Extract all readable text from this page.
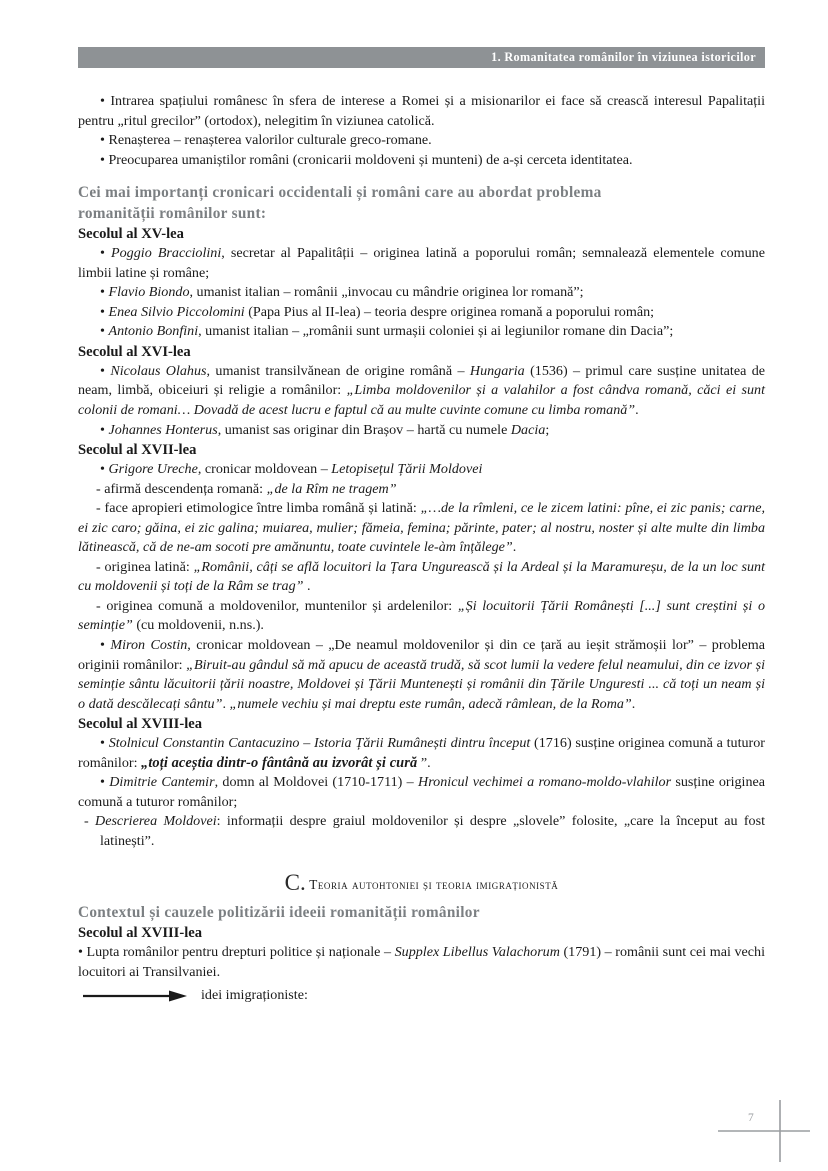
1. Romanitatea românilor în viziunea istoricilor

• Intrarea spațiului românesc în sfera de interese a Romei și a misionarilor ei face să crească interesul Papalitații pentru „ritul grecilor” (ortodox), nelegitim în viziunea catolică.

• Renașterea – renașterea valorilor culturale greco-romane.

• Preocuparea umaniștilor români (cronicarii moldoveni și munteni) de a-și cerceta identitatea.

Cei mai importanți cronicari occidentali și români care au abordat problema

romanității românilor sunt:

Secolul al XV-lea

• Poggio Bracciolini, secretar al Papalitâții – originea latină a poporului român; semnalează elementele comune limbii latine și române;

• Flavio Biondo, umanist italian – românii „invocau cu mândrie originea lor romană”;

• Enea Silvio Piccolomini (Papa Pius al II-lea) – teoria despre originea romană a poporului român;

• Antonio Bonfini, umanist italian – „românii sunt urmașii coloniei și ai legiunilor romane din Dacia”;

Secolul al XVI-lea

• Nicolaus Olahus, umanist transilvănean de origine română – Hungaria (1536) – primul care susține unitatea de neam, limbă, obiceiuri și religie a românilor: „Limba moldovenilor și a valahilor a fost cândva romană, căci ei sunt colonii de romani… Dovadă de acest lucru e faptul că au multe cuvinte comune cu limba romană”.

• Johannes Honterus, umanist sas originar din Brașov – hartă cu numele Dacia;

Secolul al XVII-lea

• Grigore Ureche, cronicar moldovean – Letopisețul Țării Moldovei

- afirmă descendența romană: „de la Rîm ne tragem”

- face apropieri etimologice între limba română și latină: „…de la rîmleni, ce le zicem latini: pîne, ei zic panis; carne, ei zic caro; găina, ei zic galina; muiarea, mulier; fămeia, femina; părinte, pater; al nostru, noster și alte multe din limba lătinească, că de ne-am socoti pre amănuntu, toate cuvintele le-àm înțălege”.

- originea latină: „Românii, câți se află locuitori la Țara Ungurească și la Ardeal și la Maramureșu, de la un loc sunt cu moldovenii și toți de la Râm se trag” .

- originea comună a moldovenilor, muntenilor și ardelenilor: „Și locuitorii Țării Românești [...] sunt creștini și o seminție” (cu moldovenii, n.ns.).

• Miron Costin, cronicar moldovean – „De neamul moldovenilor și din ce țară au ieșit strămoșii lor” – problema originii românilor: „Biruit-au gândul să mă apucu de această trudă, să scot lumii la vedere felul neamului, din ce izvor și seminție sântu lăcuitorii țării noastre, Moldovei și Țării Muntenești și românii din Țările Unguresti ... că toți un neam și o dată descălecați sântu”. „numele vechiu și mai dreptu este rumân, adecă râmlean, de la Roma”.

Secolul al XVIII-lea

• Stolnicul Constantin Cantacuzino – Istoria Țării Rumânești dintru început (1716) susține originea comună a tuturor românilor: „toți aceștia dintr-o fântână au izvorât și cură ”.

• Dimitrie Cantemir, domn al Moldovei (1710-1711) – Hronicul vechimei a romano-moldo-vlahilor susține originea comună a tuturor românilor;

- Descrierea Moldovei: informații despre graiul moldovenilor și despre „slovele” folosite, „care la început au fost latinești”.

C. Teoria autohtoniei și teoria imigraționistă

Contextul și cauzele politizării ideeii romanității românilor

Secolul al XVIII-lea

• Lupta românilor pentru drepturi politice și naționale – Supplex Libellus Valachorum (1791) – românii sunt cei mai vechi locuitori ai Transilvaniei.

idei imigraționiste:
7
